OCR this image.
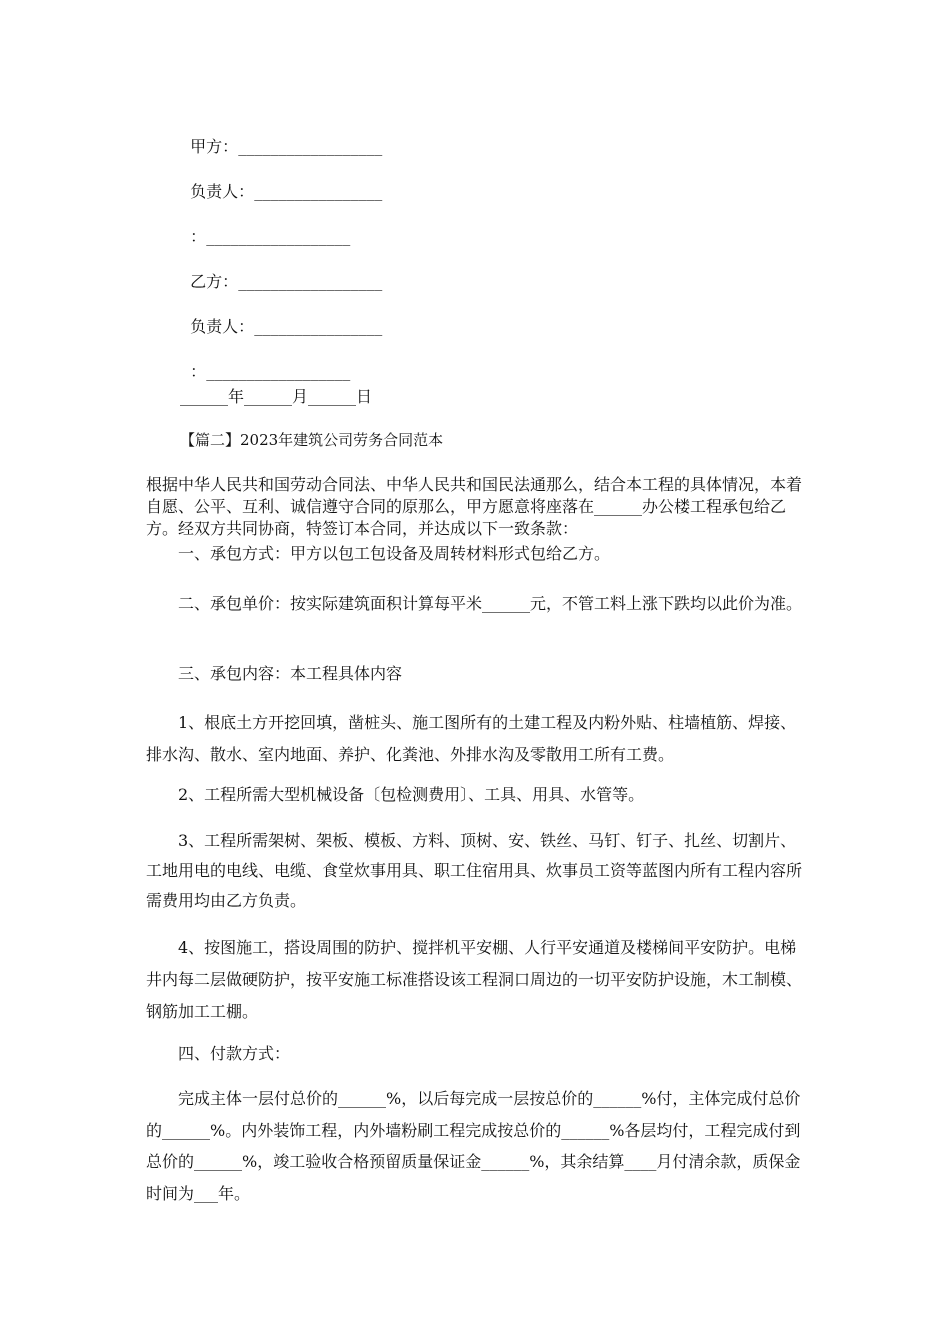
甲方：__________________

负责人：________________

：__________________

乙方：__________________

负责人：________________

：__________________

______年______月______日
【篇二】2023年建筑公司劳务合同范本
根据中华人民共和国劳动合同法、中华人民共和国民法通那么，结合本工程的具体情况，本着自愿、公平、互利、诚信遵守合同的原那么，甲方愿意将座落在______办公楼工程承包给乙方。经双方共同协商，特签订本合同，并达成以下一致条款：
一、承包方式：甲方以包工包设备及周转材料形式包给乙方。
二、承包单价：按实际建筑面积计算每平米______元，不管工料上涨下跌均以此价为准。
三、承包内容：本工程具体内容
1、根底土方开挖回填，凿桩头、施工图所有的土建工程及内粉外贴、柱墙植筋、焊接、排水沟、散水、室内地面、养护、化粪池、外排水沟及零散用工所有工费。
2、工程所需大型机械设备〔包检测费用〕、工具、用具、水管等。
3、工程所需架树、架板、模板、方料、顶树、安、铁丝、马钉、钉子、扎丝、切割片、工地用电的电线、电缆、食堂炊事用具、职工住宿用具、炊事员工资等蓝图内所有工程内容所需费用均由乙方负责。
4、按图施工，搭设周围的防护、搅拌机平安棚、人行平安通道及楼梯间平安防护。电梯井内每二层做硬防护，按平安施工标准搭设该工程洞口周边的一切平安防护设施，木工制模、钢筋加工工棚。
四、付款方式：
完成主体一层付总价的______%，以后每完成一层按总价的______%付，主体完成付总价的______%。内外装饰工程，内外墙粉刷工程完成按总价的______%各层均付，工程完成付到总价的______%，竣工验收合格预留质量保证金______%，其余结算____月付清余款，质保金时间为___年。
